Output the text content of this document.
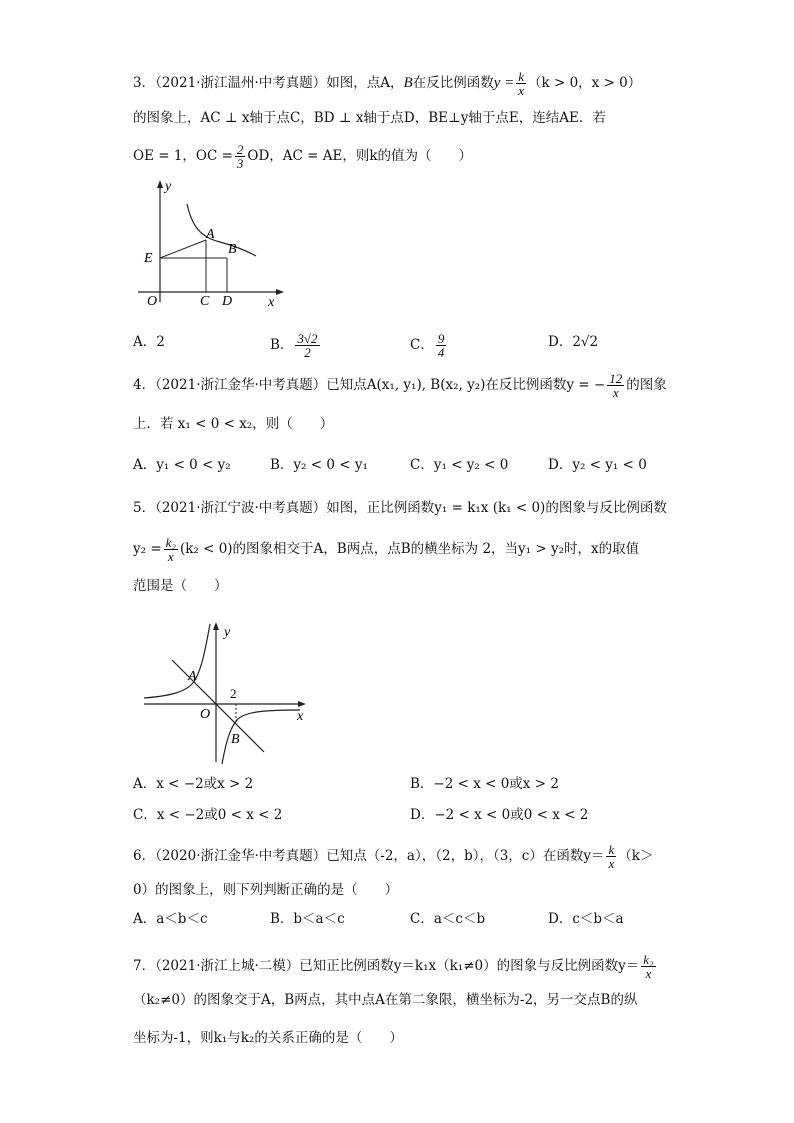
3．（2021·浙江温州·中考真题）如图，点A，B在反比例函数$y = \frac{k}{x} (k > 0$，x > 0）
的图象上，AC ⊥ x轴于点C，BD ⊥ x轴于点D，BE⊥y轴于点E，连结AE．若
OE = 1，OC = $\frac{2}{3}$ OD，AC = AE，则k的值为（　　）
y
A
B
E
O	C D	x
A．2	B． $\frac{3√2}{2}$	C． $\frac{9}{4}$	D．2√2
4．（2021·浙江金华·中考真题）已知点A(x₁, y₁), B(x₂, y₂)在反比例函数y = − $\frac{12}{x}$ 的图象
上．若 x₁ < 0 < x₂，则（　　）
A．y₁ < 0 < y₂	B．y₂ < 0 < y₁	C．y₁ < y₂ < 0	D．y₂ < y₁ < 0
5．（2021·浙江宁波·中考真题）如图，正比例函数y₁ = k₁x (k₁ < 0)的图象与反比例函数
$y_2 = \frac{\text{k₂}}{x} (k_2 < 0)$的图象相交于A，B两点，点B的横坐标为 2，当y₁ > y₂时，x的取值
范围是（　　）
y
x
A
O
B
2
A．x < −2或x > 2	B．−2 < x < 0或x > 2
C．x < −2或0 < x < 2	D．−2 < x < 0或0 < x < 2
6．（2020·浙江金华·中考真题）已知点（-2，a），（2，b），（3，c）在函数$y= \frac{k}{x} (k>$
0）的图象上，则下列判断正确的是（　　）
A．a＜b＜c	B．b＜a＜c	C．a＜c＜b	D．c＜b＜a
7．（2021·浙江上城·二模）已知正比例函数y＝k₁x（k₁≠0）的图象与反比例函数$y= \frac{\text{k₂}}{x}$
（k₂≠0）的图象交于A，B两点，其中点A在第二象限，横坐标为-2，另一交点B的纵
坐标为-1，则k₁与k₂的关系正确的是（　　）
